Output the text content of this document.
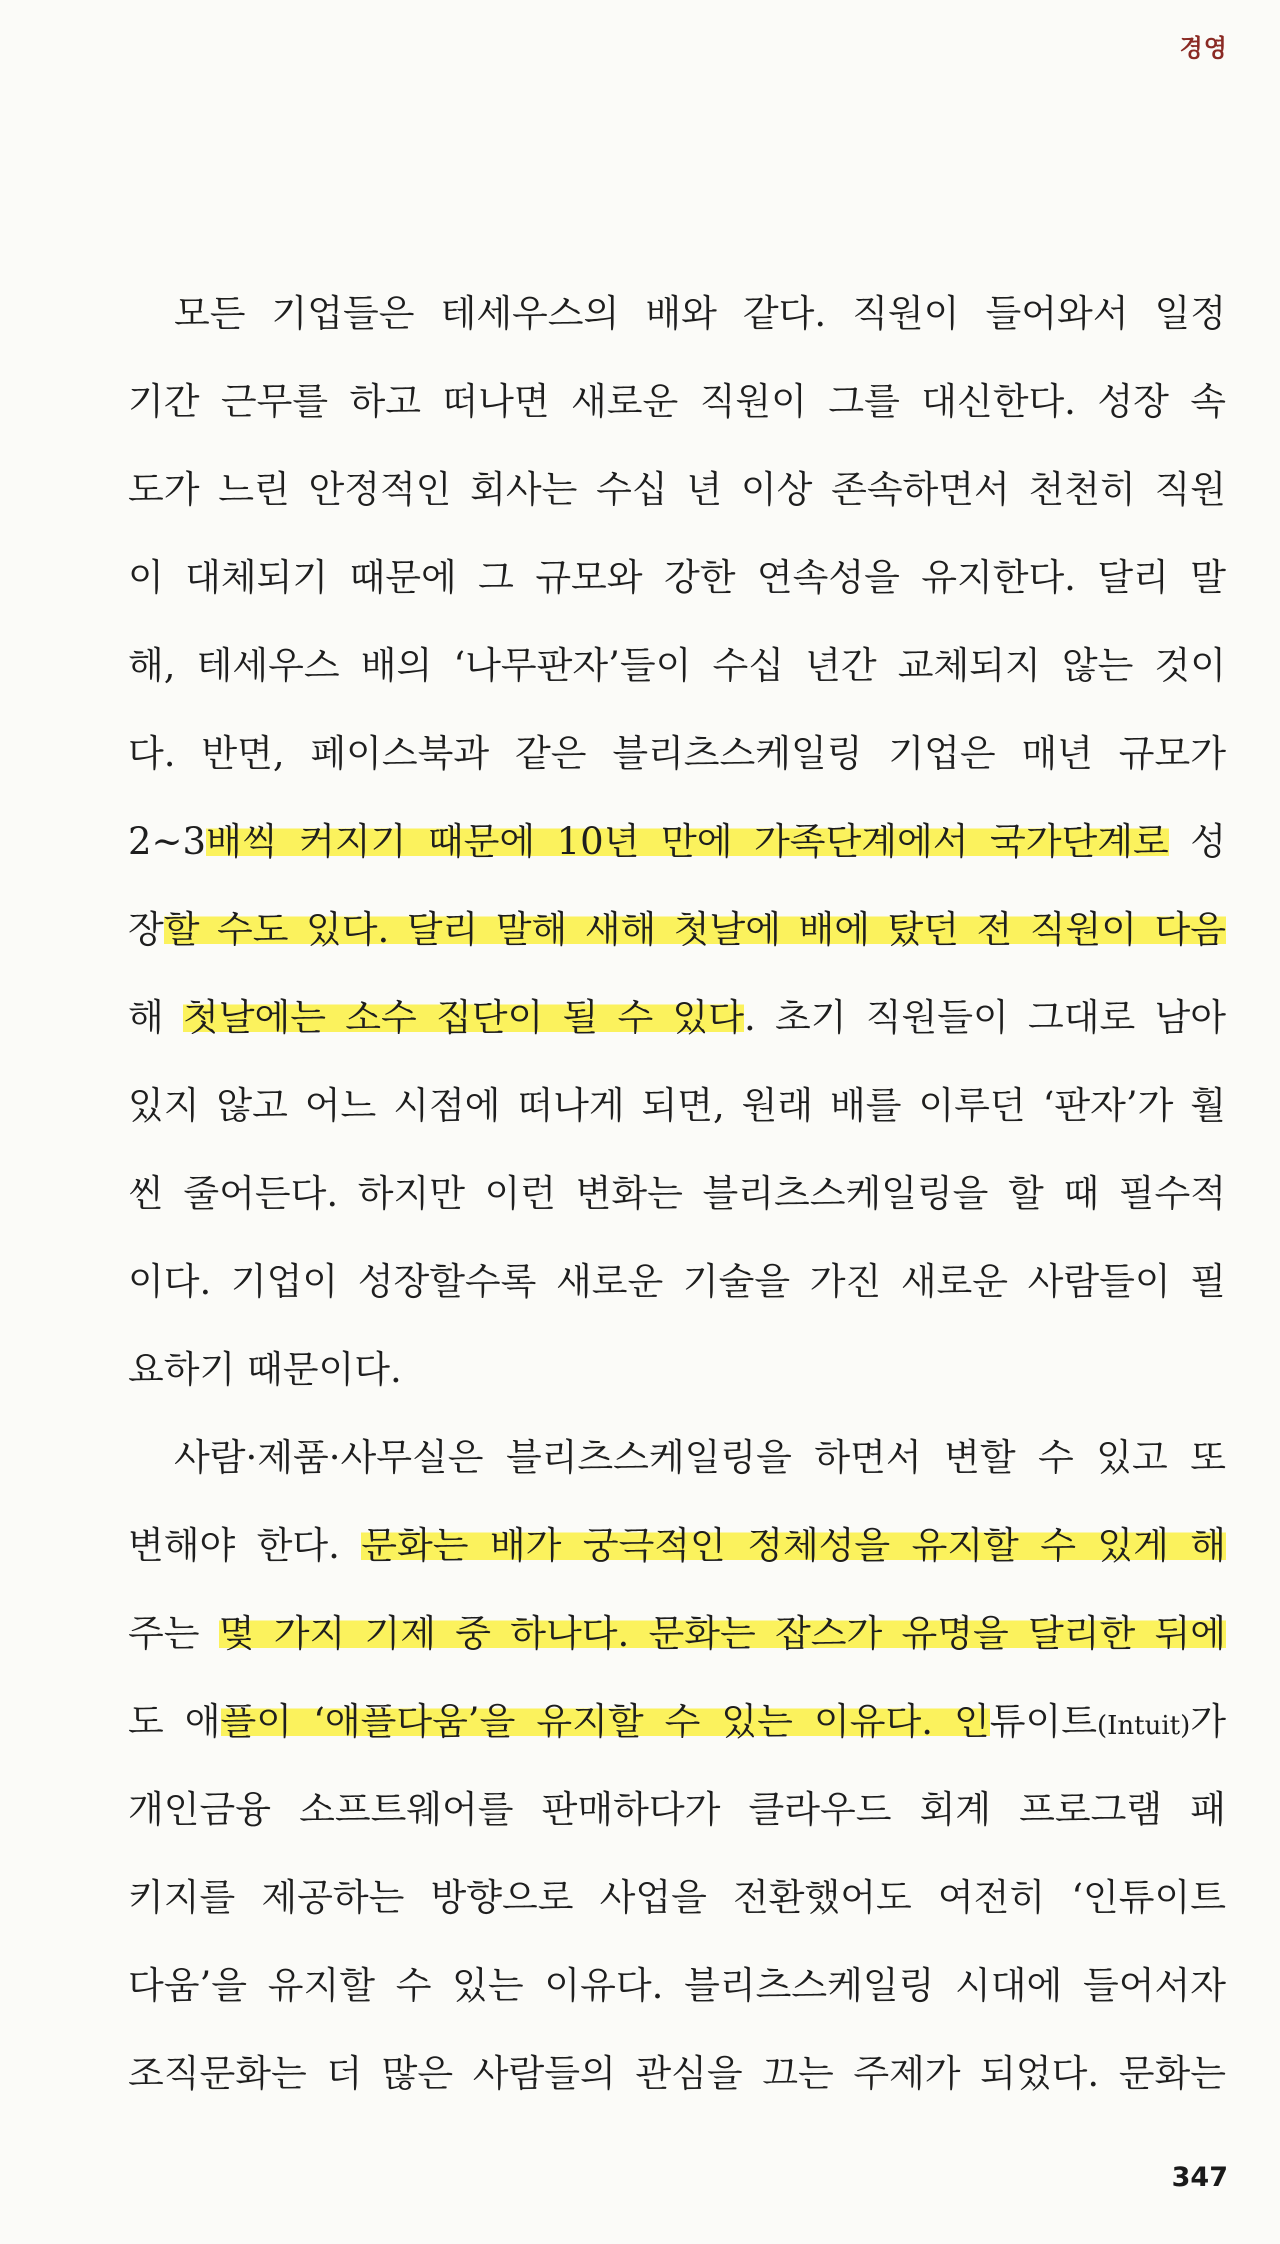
경영
모든 기업들은 테세우스의 배와 같다. 직원이 들어와서 일정
기간 근무를 하고 떠나면 새로운 직원이 그를 대신한다. 성장 속
도가 느린 안정적인 회사는 수십 년 이상 존속하면서 천천히 직원
이 대체되기 때문에 그 규모와 강한 연속성을 유지한다. 달리 말
해, 테세우스 배의 ‘나무판자’들이 수십 년간 교체되지 않는 것이
다. 반면, 페이스북과 같은 블리츠스케일링 기업은 매년 규모가
2~3배씩 커지기 때문에 10년 만에 가족단계에서 국가단계로 성
장할 수도 있다. 달리 말해 새해 첫날에 배에 탔던 전 직원이 다음
해 첫날에는 소수 집단이 될 수 있다. 초기 직원들이 그대로 남아
있지 않고 어느 시점에 떠나게 되면, 원래 배를 이루던 ‘판자’가 훨
씬 줄어든다. 하지만 이런 변화는 블리츠스케일링을 할 때 필수적
이다. 기업이 성장할수록 새로운 기술을 가진 새로운 사람들이 필
요하기 때문이다.
사람·제품·사무실은 블리츠스케일링을 하면서 변할 수 있고 또
변해야 한다. 문화는 배가 궁극적인 정체성을 유지할 수 있게 해
주는 몇 가지 기제 중 하나다. 문화는 잡스가 유명을 달리한 뒤에
도 애플이 ‘애플다움’을 유지할 수 있는 이유다. 인튜이트(Intuit)가
개인금융 소프트웨어를 판매하다가 클라우드 회계 프로그램 패
키지를 제공하는 방향으로 사업을 전환했어도 여전히 ‘인튜이트
다움’을 유지할 수 있는 이유다. 블리츠스케일링 시대에 들어서자
조직문화는 더 많은 사람들의 관심을 끄는 주제가 되었다. 문화는
347
